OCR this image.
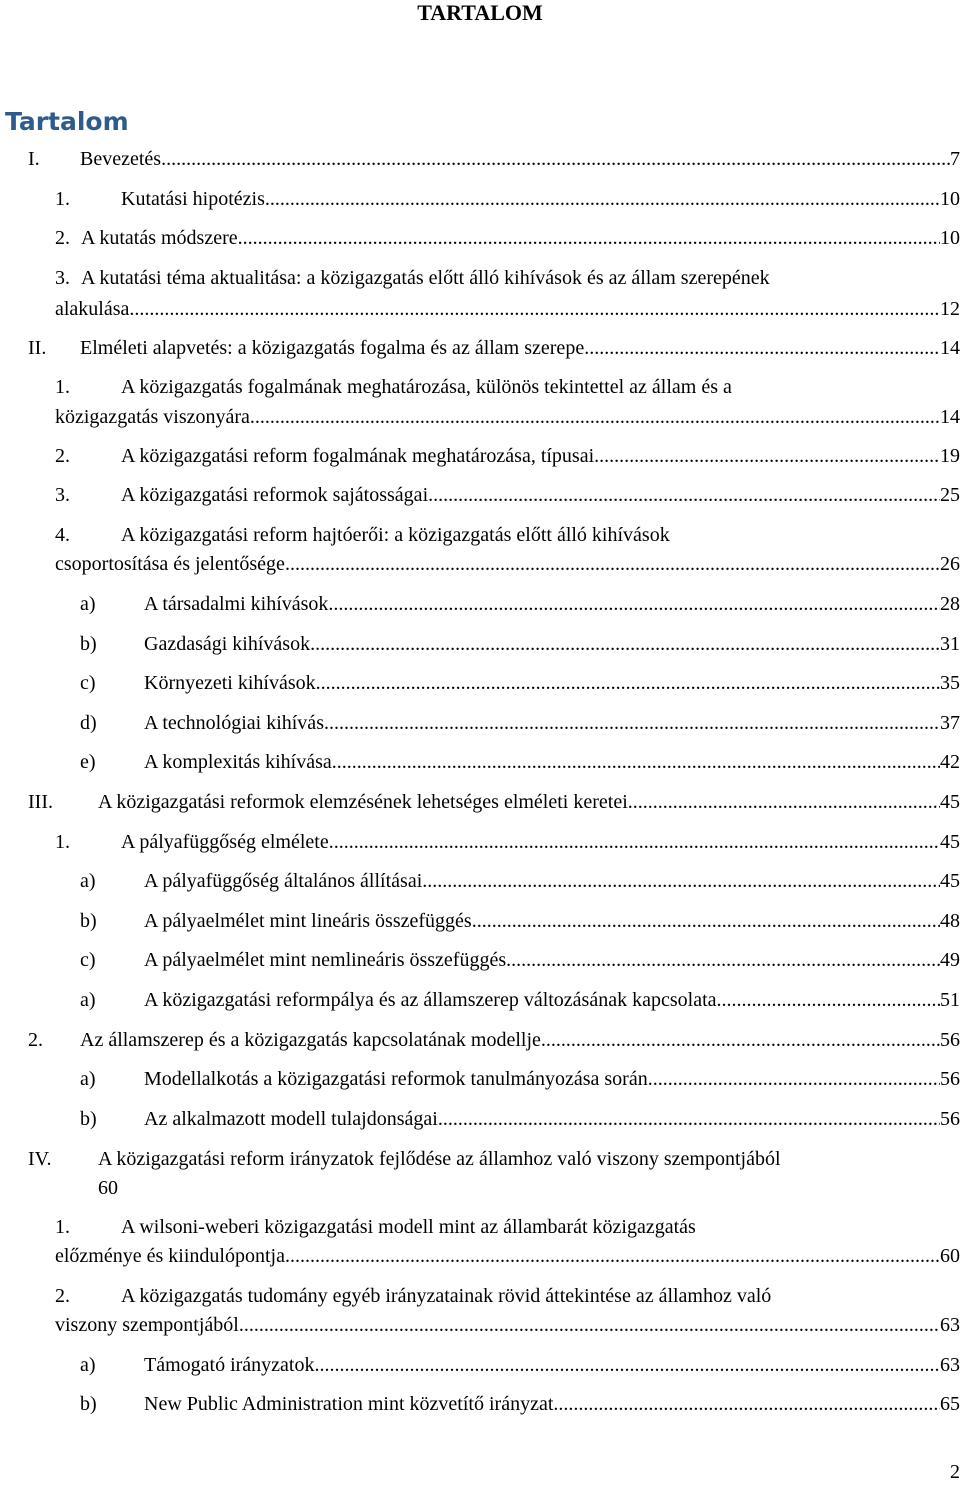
TARTALOM
Tartalom
I.	Bevezetés .....	7
1.	Kutatási hipotézis .....	10
2. A kutatás módszere .....	10
3. A kutatási téma aktualitása: a közigazgatás előtt álló kihívások és az állam szerepének
alakulása .....	12
II.	Elméleti alapvetés: a közigazgatás fogalma és az állam szerepe .....	14
1.	A közigazgatás fogalmának meghatározása, különös tekintettel az állam és a
közigazgatás viszonyára .....	14
2.	A közigazgatási reform fogalmának meghatározása, típusai .....	19
3.	A közigazgatási reformok sajátosságai .....	25
4.	A közigazgatási reform hajtóerői: a közigazgatás előtt álló kihívások
csoportosítása és jelentősége .....	26
a)	A társadalmi kihívások .....	28
b)	Gazdasági kihívások .....	31
c)	Környezeti kihívások .....	35
d)	A technológiai kihívás .....	37
e)	A komplexitás kihívása .....	42
III.	A közigazgatási reformok elemzésének lehetséges elméleti keretei .....	45
1.	A pályafüggőség elmélete .....	45
a)	A pályafüggőség általános állításai .....	45
b)	A pályaelmélet mint lineáris összefüggés .....	48
c)	A pályaelmélet mint nemlineáris összefüggés .....	49
a)	A közigazgatási reformpálya és az államszerep változásának kapcsolata .....	51
2.	Az államszerep és a közigazgatás kapcsolatának modellje .....	56
a)	Modellalkotás a közigazgatási reformok tanulmányozása során .....	56
b)	Az alkalmazott modell tulajdonságai .....	56
IV. A közigazgatási reform irányzatok fejlődése az államhoz való viszony szempontjából
60
1.	A wilsoni-weberi közigazgatási modell mint az állambarát közigazgatás
előzménye és kiindulópontja .....	60
2.	A közigazgatás tudomány egyéb irányzatainak rövid áttekintése az államhoz való
viszony szempontjából .....	63
a)	Támogató irányzatok .....	63
b)	New Public Administration mint közvetítő irányzat .....	65
2
